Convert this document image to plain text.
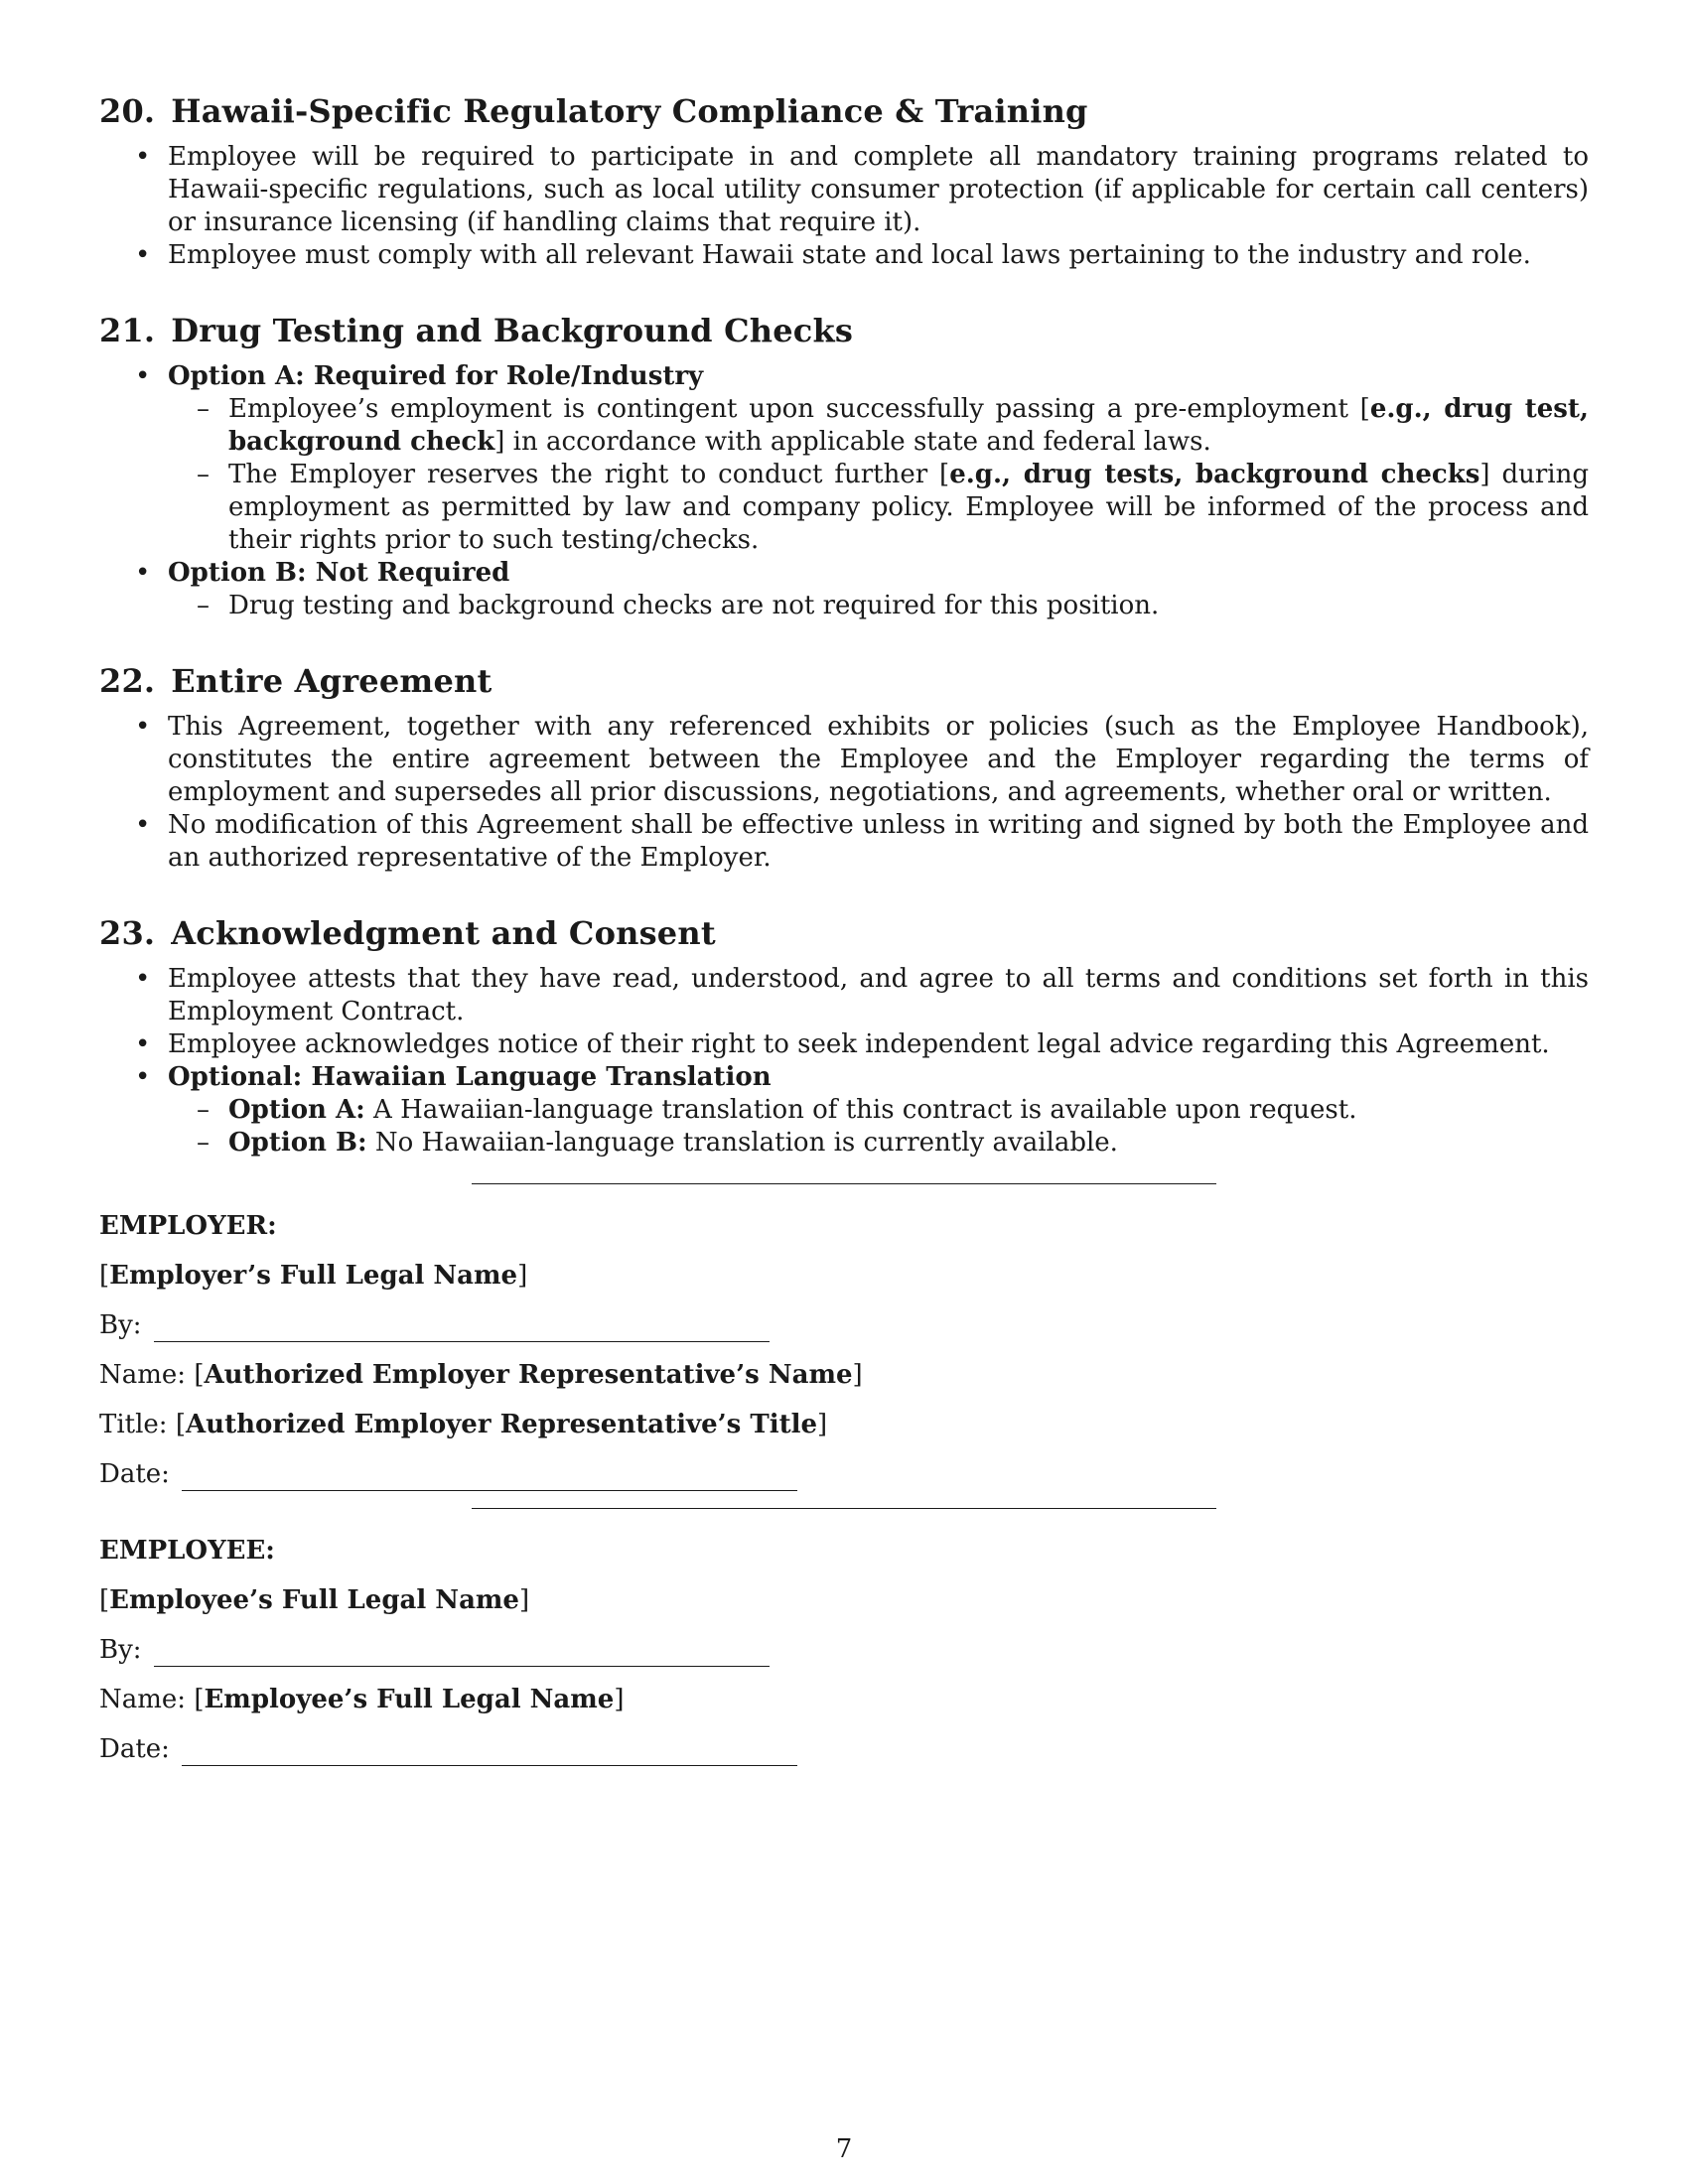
20. Hawaii-Specific Regulatory Compliance & Training
• Employee will be required to participate in and complete all mandatory training programs related to Hawaii-specific regulations, such as local utility consumer protection (if applicable for certain call centers) or insurance licensing (if handling claims that require it).
• Employee must comply with all relevant Hawaii state and local laws pertaining to the industry and role.
21. Drug Testing and Background Checks
• Option A: Required for Role/Industry
– Employee’s employment is contingent upon successfully passing a pre-employment [e.g., drug test, background check] in accordance with applicable state and federal laws.
– The Employer reserves the right to conduct further [e.g., drug tests, background checks] during employment as permitted by law and company policy. Employee will be informed of the process and their rights prior to such testing/checks.
• Option B: Not Required
– Drug testing and background checks are not required for this position.
22. Entire Agreement
• This Agreement, together with any referenced exhibits or policies (such as the Employee Handbook), constitutes the entire agreement between the Employee and the Employer regarding the terms of employment and supersedes all prior discussions, negotiations, and agreements, whether oral or written.
• No modification of this Agreement shall be effective unless in writing and signed by both the Employee and an authorized representative of the Employer.
23. Acknowledgment and Consent
• Employee attests that they have read, understood, and agree to all terms and conditions set forth in this Employment Contract.
• Employee acknowledges notice of their right to seek independent legal advice regarding this Agreement.
• Optional: Hawaiian Language Translation
– Option A: A Hawaiian-language translation of this contract is available upon request.
– Option B: No Hawaiian-language translation is currently available.
EMPLOYER:
[Employer’s Full Legal Name]
By:
Name: [Authorized Employer Representative’s Name]
Title: [Authorized Employer Representative’s Title]
Date:
EMPLOYEE:
[Employee’s Full Legal Name]
By:
Name: [Employee’s Full Legal Name]
Date:
7
